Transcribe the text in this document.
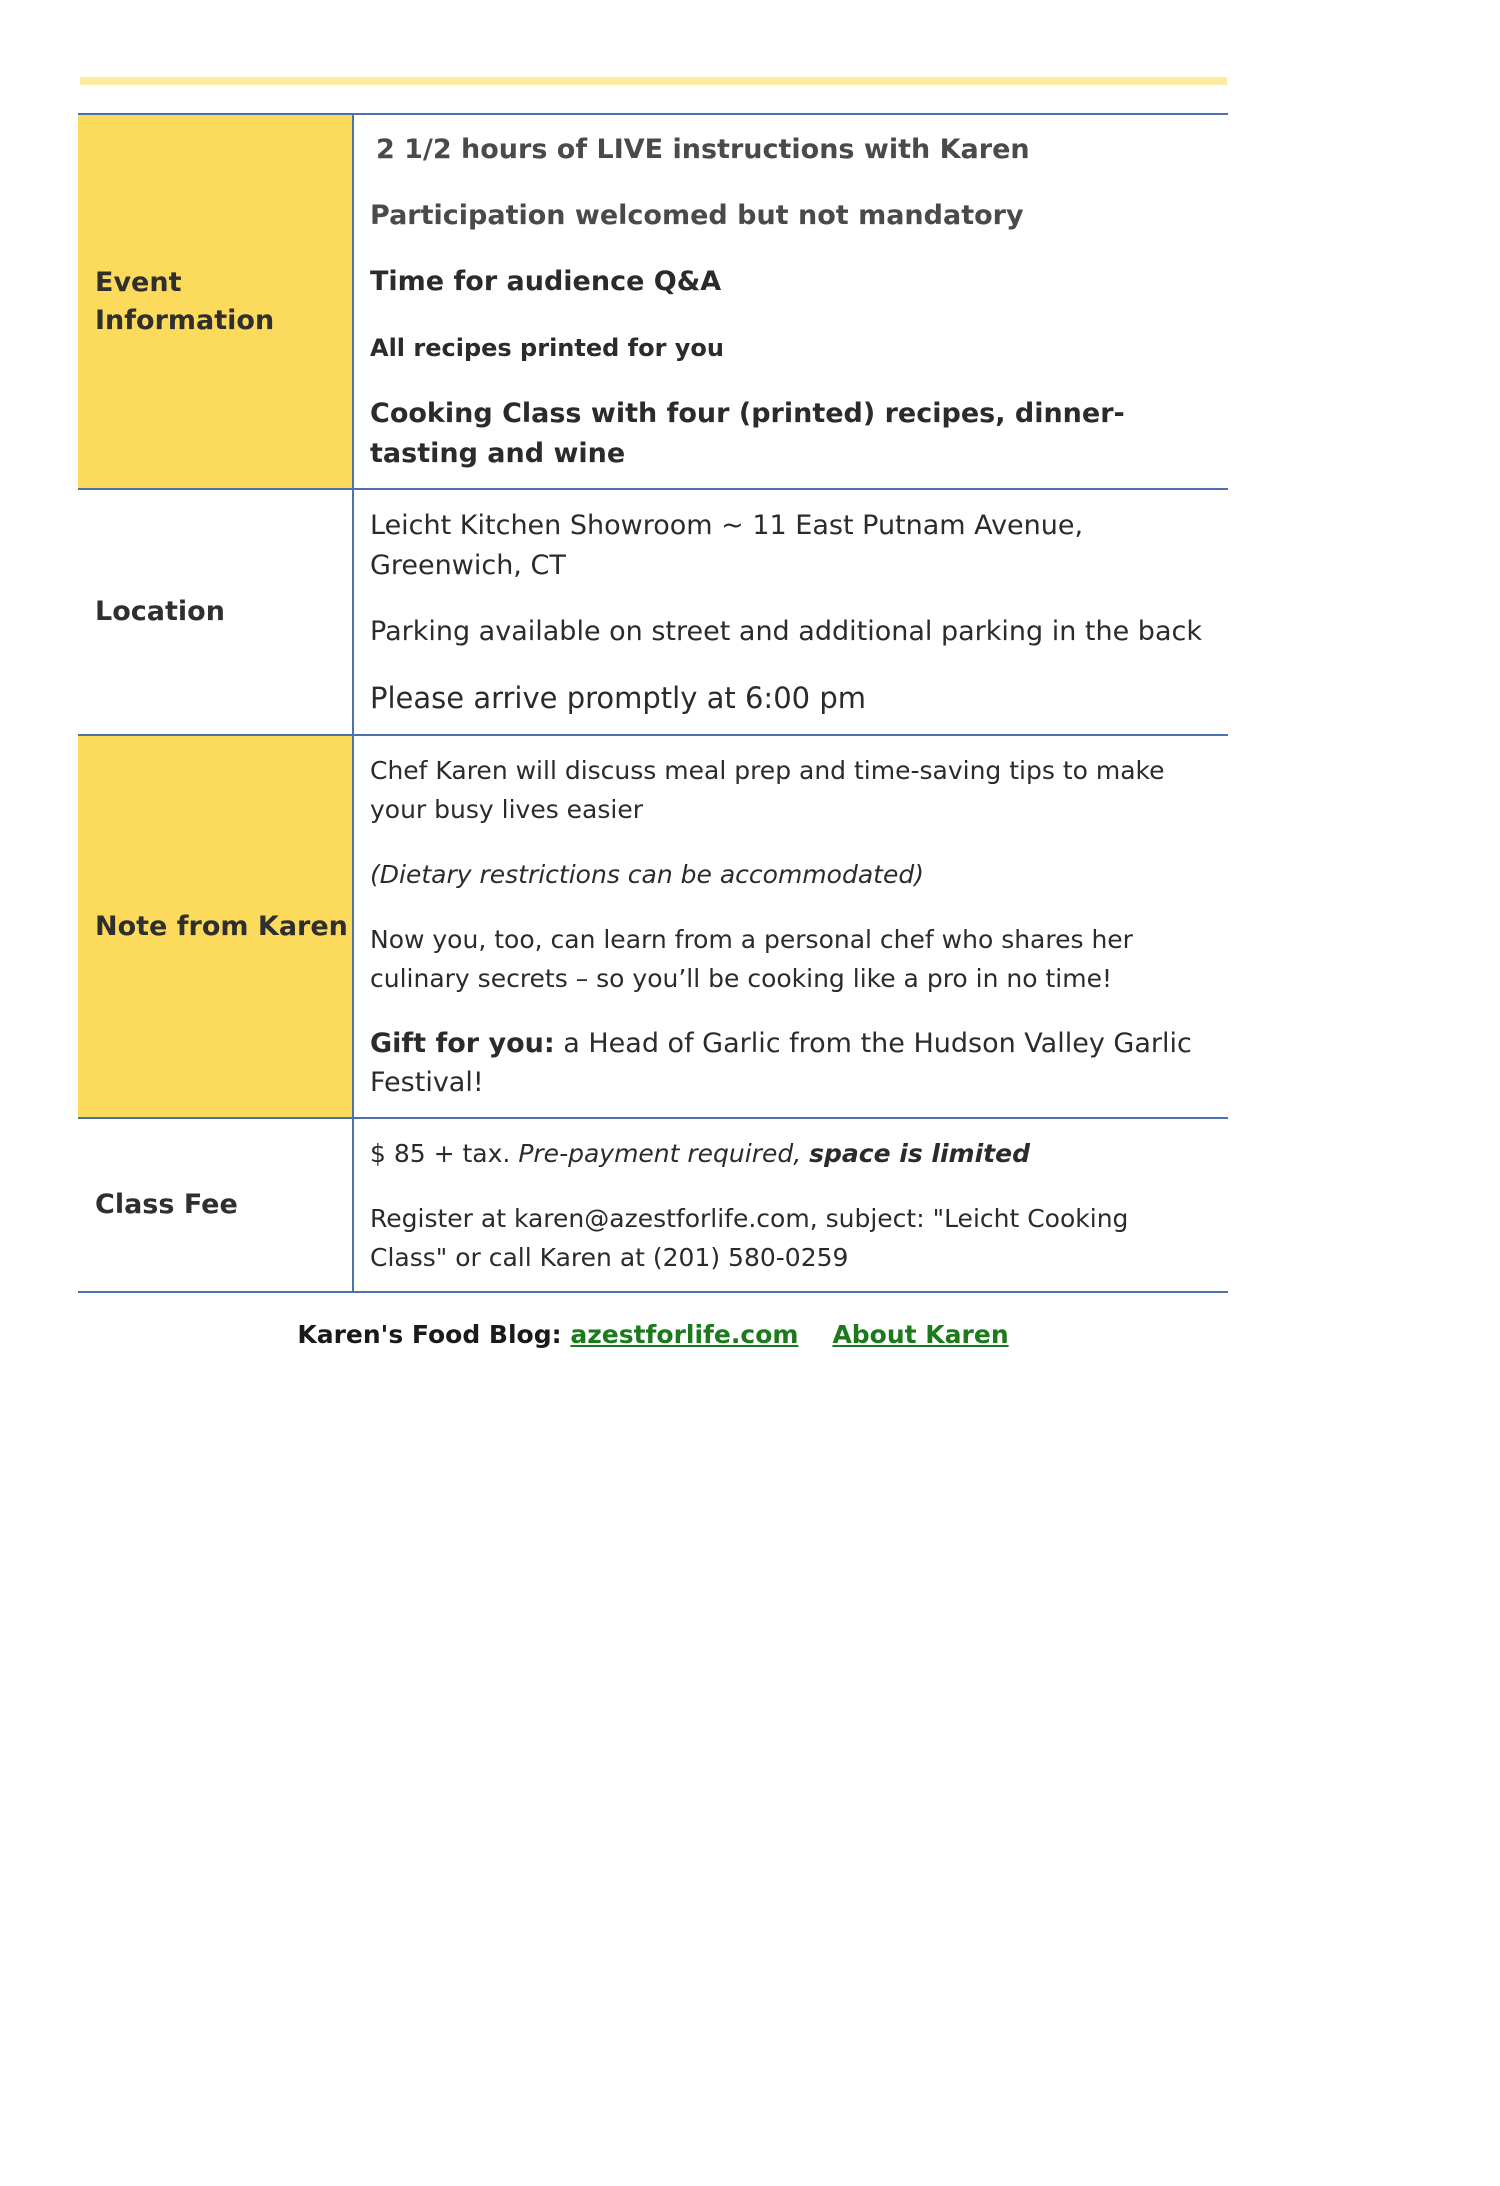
Event Information	2 1/2 hours of LIVE instructions with Karen

Participation welcomed but not mandatory

Time for audience Q&A

All recipes printed for you

Cooking Class with four (printed) recipes, dinner-tasting and wine

Location	Leicht Kitchen Showroom ~ 11 East Putnam Avenue, Greenwich, CT

Parking available on street and additional parking in the back

Please arrive promptly at 6:00 pm

Note from Karen	Chef Karen will discuss meal prep and time-saving tips to make your busy lives easier

(Dietary restrictions can be accommodated)

Now you, too, can learn from a personal chef who shares her culinary secrets – so you’ll be cooking like a pro in no time!

Gift for you: a Head of Garlic from the Hudson Valley Garlic Festival!

Class Fee	$ 85 + tax. Pre-payment required, space is limited

Register at karen@azestforlife.com, subject: "Leicht Cooking Class" or call Karen at (201) 580-0259

Karen's Food Blog: azestforlife.com About Karen
